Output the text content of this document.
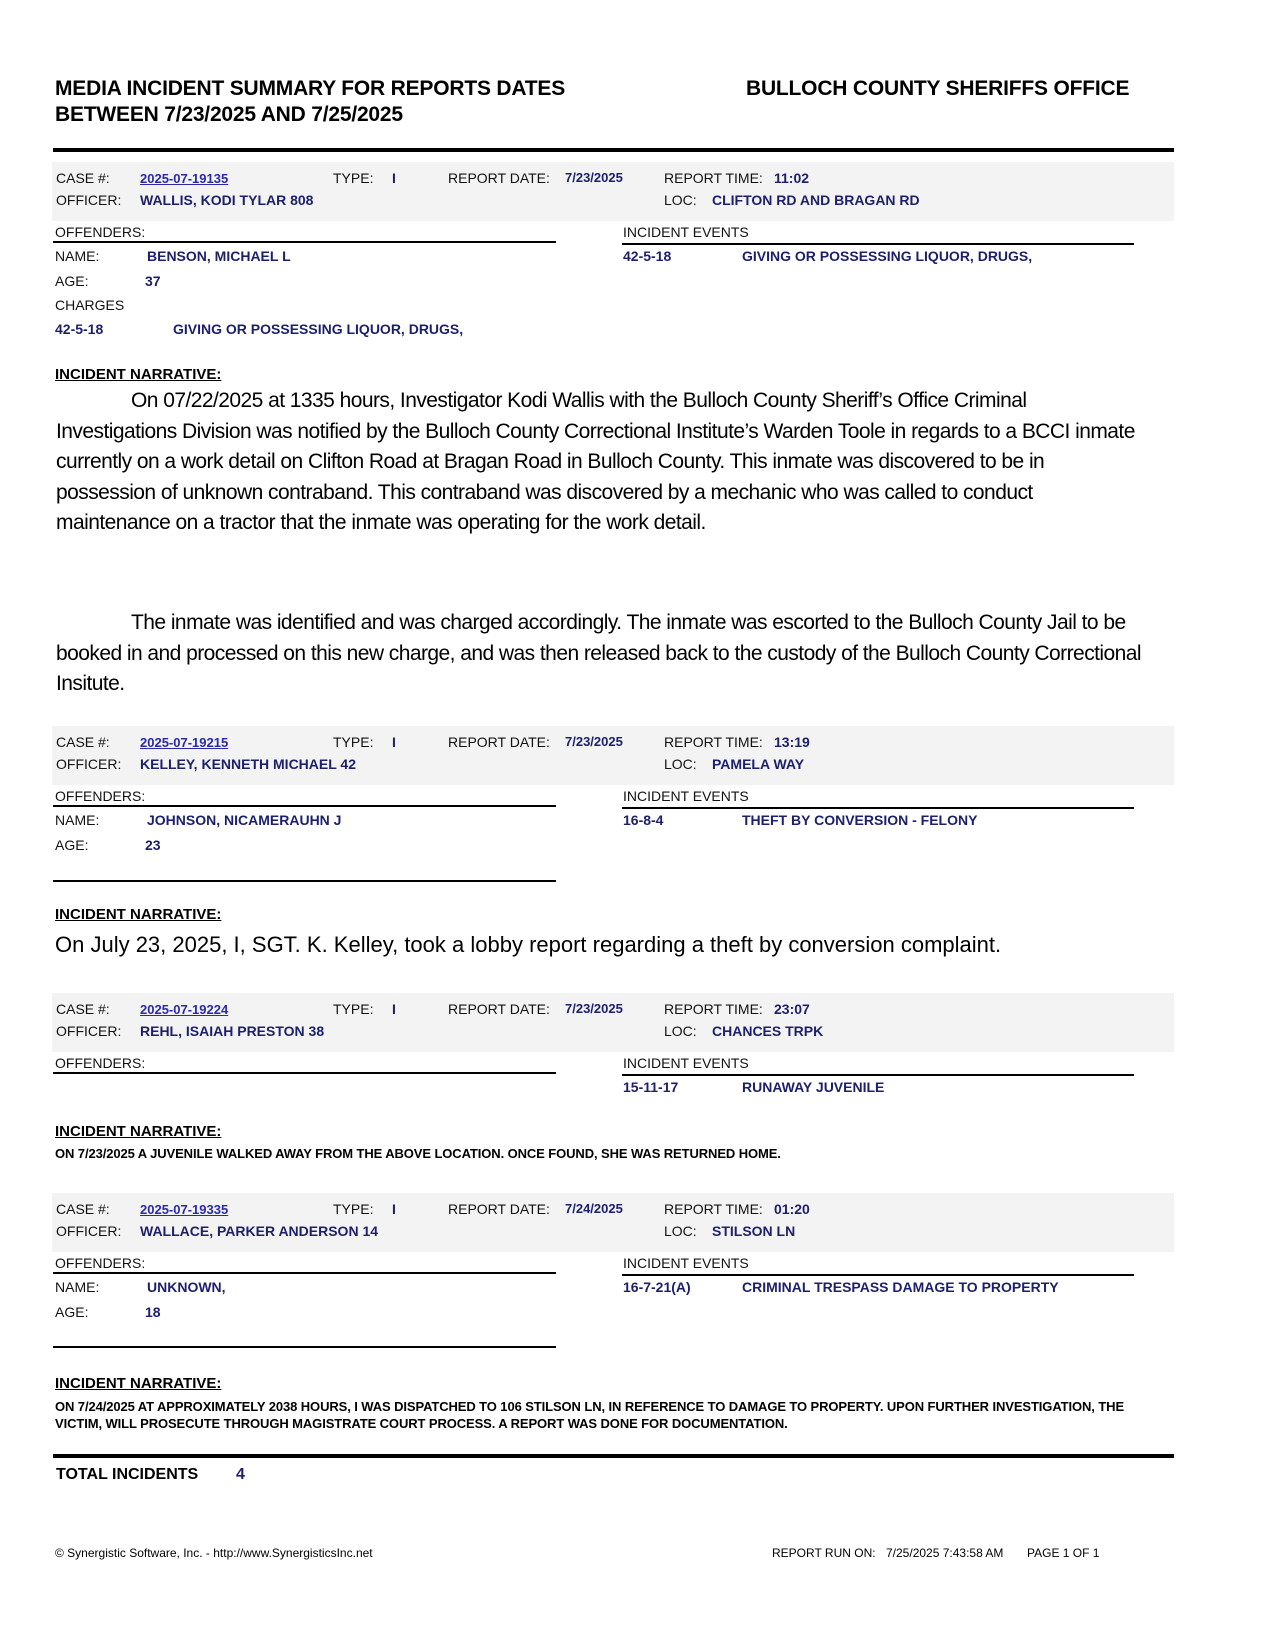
MEDIA INCIDENT SUMMARY FOR REPORTS DATES
BETWEEN 7/23/2025 AND 7/25/2025
BULLOCH COUNTY SHERIFFS OFFICE
CASE #: 2025-07-19135	TYPE: I	REPORT DATE: 7/23/2025	REPORT TIME: 11:02
OFFICER: WALLIS, KODI TYLAR 808	LOC: CLIFTON RD AND BRAGAN RD
OFFENDERS:	INCIDENT EVENTS
NAME:	BENSON, MICHAEL L
AGE:	37
CHARGES
42-5-18	GIVING OR POSSESSING LIQUOR, DRUGS,
42-5-18	GIVING OR POSSESSING LIQUOR, DRUGS,
INCIDENT NARRATIVE:

On 07/22/2025 at 1335 hours, Investigator Kodi Wallis with the Bulloch County Sheriff’s Office Criminal Investigations Division was notified by the Bulloch County Correctional Institute’s Warden Toole in regards to a BCCI inmate currently on a work detail on Clifton Road at Bragan Road in Bulloch County. This inmate was discovered to be in possession of unknown contraband. This contraband was discovered by a mechanic who was called to conduct maintenance on a tractor that the inmate was operating for the work detail.

The inmate was identified and was charged accordingly. The inmate was escorted to the Bulloch County Jail to be booked in and processed on this new charge, and was then released back to the custody of the Bulloch County Correctional Insitute.

CASE #: 2025-07-19215	TYPE: I	REPORT DATE: 7/23/2025	REPORT TIME: 13:19
OFFICER: KELLEY, KENNETH MICHAEL 42	LOC: PAMELA WAY
OFFENDERS:	INCIDENT EVENTS
NAME:	JOHNSON, NICAMERAUHN J
AGE:	23
16-8-4	THEFT BY CONVERSION - FELONY
INCIDENT NARRATIVE:
On July 23, 2025, I, SGT. K. Kelley, took a lobby report regarding a theft by conversion complaint.
CASE #: 2025-07-19224	TYPE: I	REPORT DATE: 7/23/2025	REPORT TIME: 23:07
OFFICER: REHL, ISAIAH PRESTON 38	LOC: CHANCES TRPK
OFFENDERS:	INCIDENT EVENTS
15-11-17	RUNAWAY JUVENILE
INCIDENT NARRATIVE:
ON 7/23/2025 A JUVENILE WALKED AWAY FROM THE ABOVE LOCATION. ONCE FOUND, SHE WAS RETURNED HOME.
CASE #: 2025-07-19335	TYPE: I	REPORT DATE: 7/24/2025	REPORT TIME: 01:20
OFFICER: WALLACE, PARKER ANDERSON 14	LOC: STILSON LN
OFFENDERS:	INCIDENT EVENTS
NAME:	UNKNOWN,
AGE:	18
16-7-21(A)	CRIMINAL TRESPASS DAMAGE TO PROPERTY
INCIDENT NARRATIVE:
ON 7/24/2025 AT APPROXIMATELY 2038 HOURS, I WAS DISPATCHED TO 106 STILSON LN, IN REFERENCE TO DAMAGE TO PROPERTY. UPON FURTHER INVESTIGATION, THE VICTIM, WILL PROSECUTE THROUGH MAGISTRATE COURT PROCESS. A REPORT WAS DONE FOR DOCUMENTATION.
TOTAL INCIDENTS 4
© Synergistic Software, Inc. - http://www.SynergisticsInc.net	REPORT RUN ON: 7/25/2025 7:43:58 AM PAGE 1 OF 1
